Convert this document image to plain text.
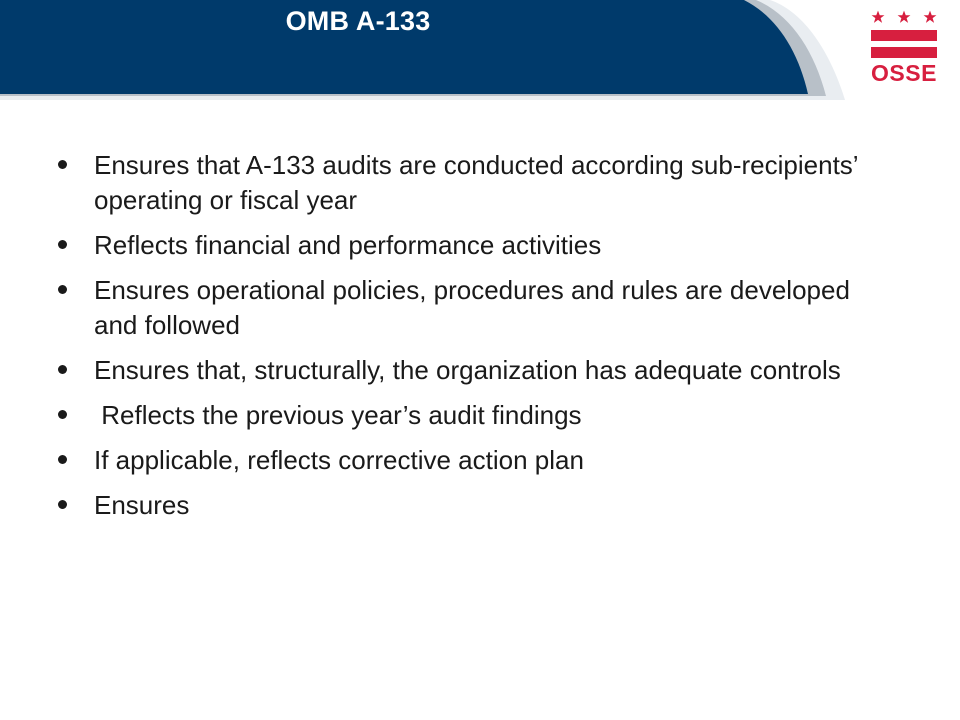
OMB A-133
OSSE
Ensures that A-133 audits are conducted according sub-recipients’ operating or fiscal year
Reflects financial and performance activities
Ensures operational policies, procedures and rules are developed and followed
Ensures that, structurally, the organization has adequate controls
Reflects the previous year’s audit findings
If applicable, reflects corrective action plan
Ensures
